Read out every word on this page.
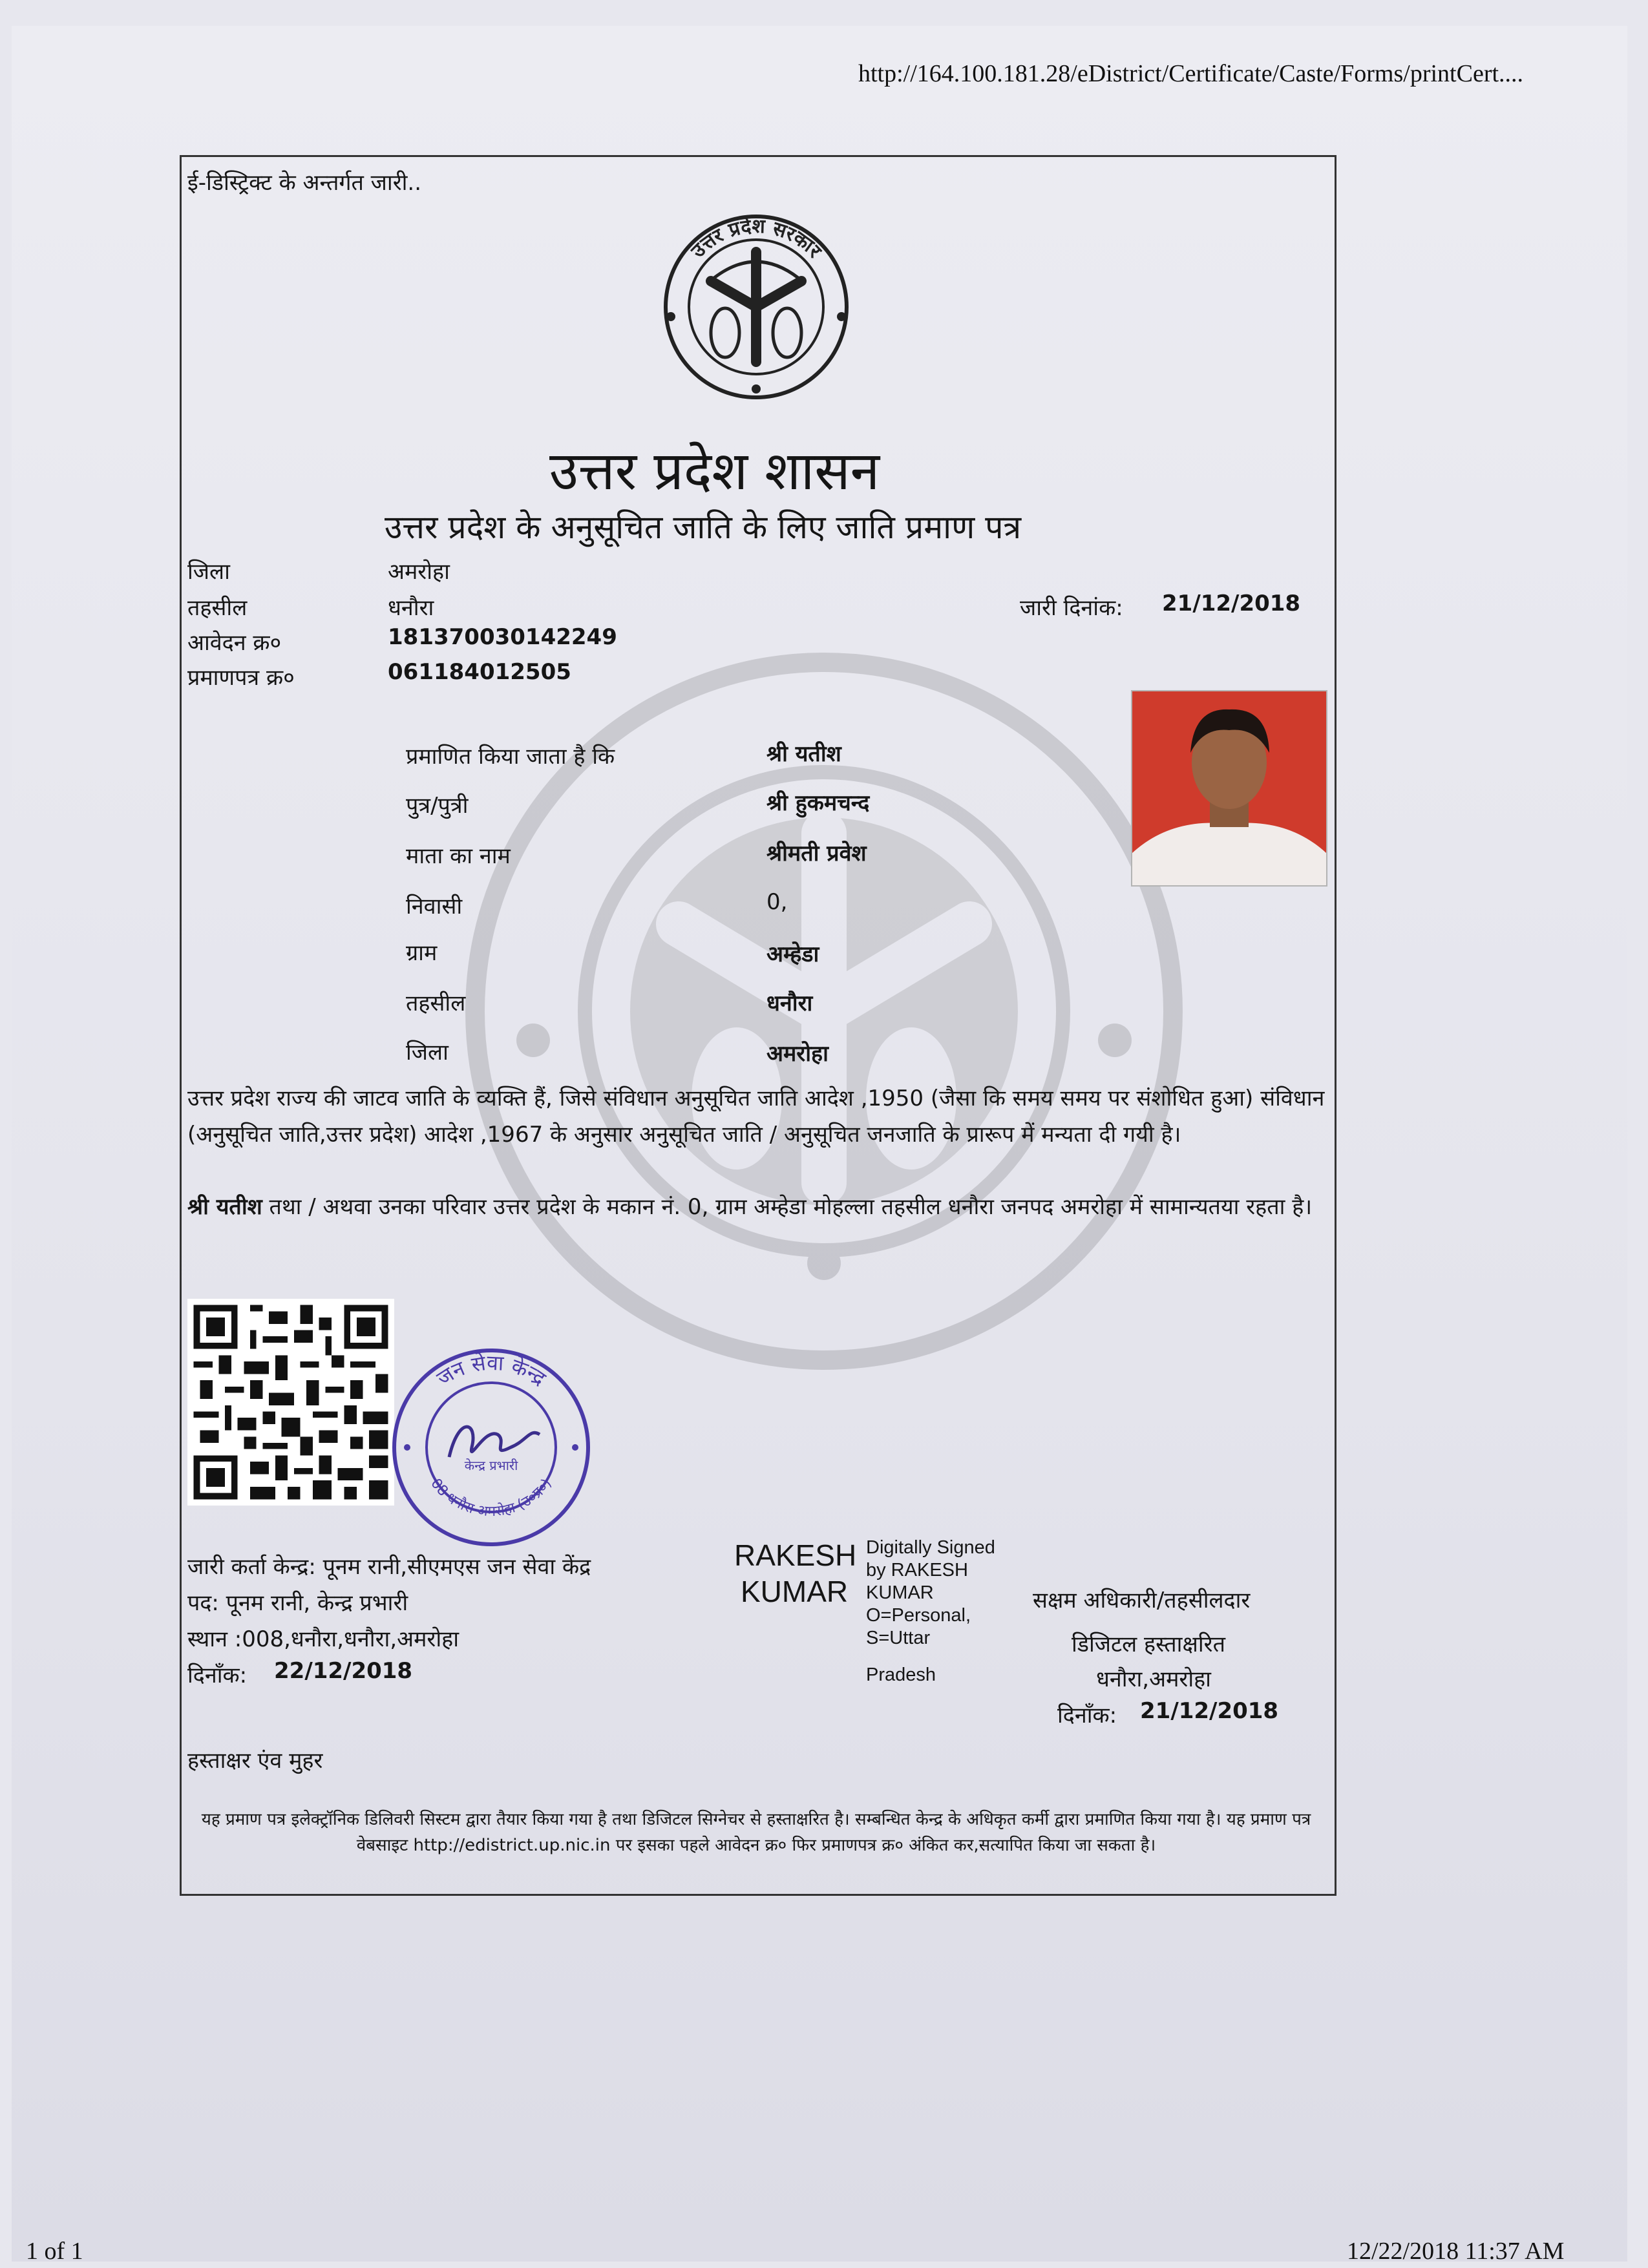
http://164.100.181.28/eDistrict/Certificate/Caste/Forms/printCert....
1 of 1	12/22/2018 11:37 AM
ई-डिस्ट्रिक्ट के अन्तर्गत जारी..
उत्तर प्रदेश सरकार
उत्तर प्रदेश शासन
उत्तर प्रदेश के अनुसूचित जाति के लिए जाति प्रमाण पत्र
जिला	अमरोहा
तहसील	धनौरा
आवेदन क्र०	181370030142249
प्रमाणपत्र क्र०	061184012505
जारी दिनांक: 21/12/2018
प्रमाणित किया जाता है कि	श्री यतीश
पुत्र/पुत्री	श्री हुकमचन्द
माता का नाम	श्रीमती प्रवेश
निवासी	0,
ग्राम	अम्हेडा
तहसील	धनौरा
जिला	अमरोहा
उत्तर प्रदेश राज्य की जाटव जाति के व्यक्ति हैं, जिसे संविधान अनुसूचित जाति आदेश ,1950 (जैसा कि समय समय पर संशोधित हुआ) संविधान (अनुसूचित जाति,उत्तर प्रदेश) आदेश ,1967 के अनुसार अनुसूचित जाति / अनुसूचित जनजाति के प्रारूप में मन्यता दी गयी है।
श्री यतीश तथा / अथवा उनका परिवार उत्तर प्रदेश के मकान नं. 0, ग्राम अम्हेडा मोहल्ला तहसील धनौरा जनपद अमरोहा में सामान्यतया रहता है।
जन सेवा केन्द्र
08 धनौरा अमरोहा (उ०प्र०)
केन्द्र प्रभारी
जारी कर्ता केन्द्र: पूनम रानी,सीएमएस जन सेवा केंद्र
पद: पूनम रानी, केन्द्र प्रभारी
स्थान :008,धनौरा,धनौरा,अमरोहा
दिनाँक: 22/12/2018
हस्ताक्षर एंव मुहर
RAKESH
KUMAR
Digitally Signed
by RAKESH
KUMAR
O=Personal,
S=Uttar
Pradesh
सक्षम अधिकारी/तहसीलदार
डिजिटल हस्ताक्षरित
धनौरा,अमरोहा
दिनाँक: 21/12/2018
यह प्रमाण पत्र इलेक्ट्रॉनिक डिलिवरी सिस्टम द्वारा तैयार किया गया है तथा डिजिटल सिग्नेचर से हस्ताक्षरित है। सम्बन्धित केन्द्र के अधिकृत कर्मी द्वारा प्रमाणित किया गया है। यह प्रमाण पत्र वेबसाइट http://edistrict.up.nic.in पर इसका पहले आवेदन क्र० फिर प्रमाणपत्र क्र० अंकित कर,सत्यापित किया जा सकता है।
